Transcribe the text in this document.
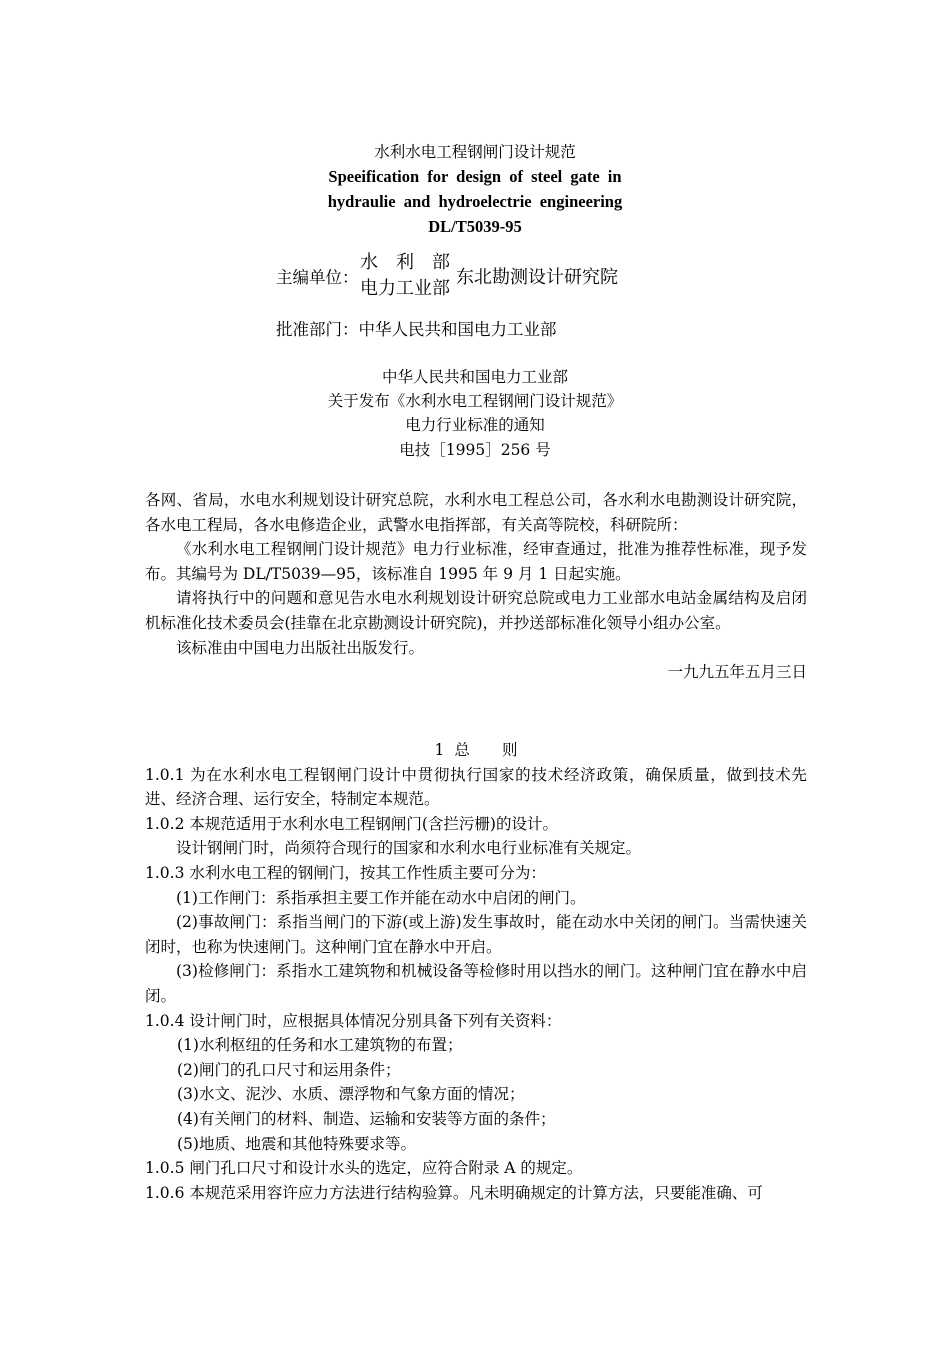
水利水电工程钢闸门设计规范
Speeification for design of steel gate in
hydraulie and hydroelectrie engineering
DL/T5039-95
主编单位：
水　利　部
电力工业部
东北勘测设计研究院
批准部门：中华人民共和国电力工业部
中华人民共和国电力工业部
关于发布《水利水电工程钢闸门设计规范》
电力行业标准的通知
电技［1995］256 号

各网、省局，水电水利规划设计研究总院，水利水电工程总公司，各水利水电勘测设计研究院，各水电工程局，各水电修造企业，武警水电指挥部，有关高等院校，科研院所：

《水利水电工程钢闸门设计规范》电力行业标准，经审查通过，批准为推荐性标准，现予发布。其编号为 DL/T5039—95，该标准自 1995 年 9 月 1 日起实施。

请将执行中的问题和意见告水电水利规划设计研究总院或电力工业部水电站金属结构及启闭机标准化技术委员会(挂靠在北京勘测设计研究院)，并抄送部标准化领导小组办公室。

该标准由中国电力出版社出版发行。

一九九五年五月三日

1 总 则

1.0.1 为在水利水电工程钢闸门设计中贯彻执行国家的技术经济政策，确保质量，做到技术先进、经济合理、运行安全，特制定本规范。

1.0.2 本规范适用于水利水电工程钢闸门(含拦污栅)的设计。

设计钢闸门时，尚须符合现行的国家和水利水电行业标准有关规定。

1.0.3 水利水电工程的钢闸门，按其工作性质主要可分为：

(1)工作闸门：系指承担主要工作并能在动水中启闭的闸门。

(2)事故闸门：系指当闸门的下游(或上游)发生事故时，能在动水中关闭的闸门。当需快速关闭时，也称为快速闸门。这种闸门宜在静水中开启。

(3)检修闸门：系指水工建筑物和机械设备等检修时用以挡水的闸门。这种闸门宜在静水中启闭。

1.0.4 设计闸门时，应根据具体情况分别具备下列有关资料：

(1)水利枢纽的任务和水工建筑物的布置；

(2)闸门的孔口尺寸和运用条件；

(3)水文、泥沙、水质、漂浮物和气象方面的情况；

(4)有关闸门的材料、制造、运输和安装等方面的条件；

(5)地质、地震和其他特殊要求等。

1.0.5 闸门孔口尺寸和设计水头的选定，应符合附录 A 的规定。

1.0.6 本规范采用容许应力方法进行结构验算。凡未明确规定的计算方法，只要能准确、可
